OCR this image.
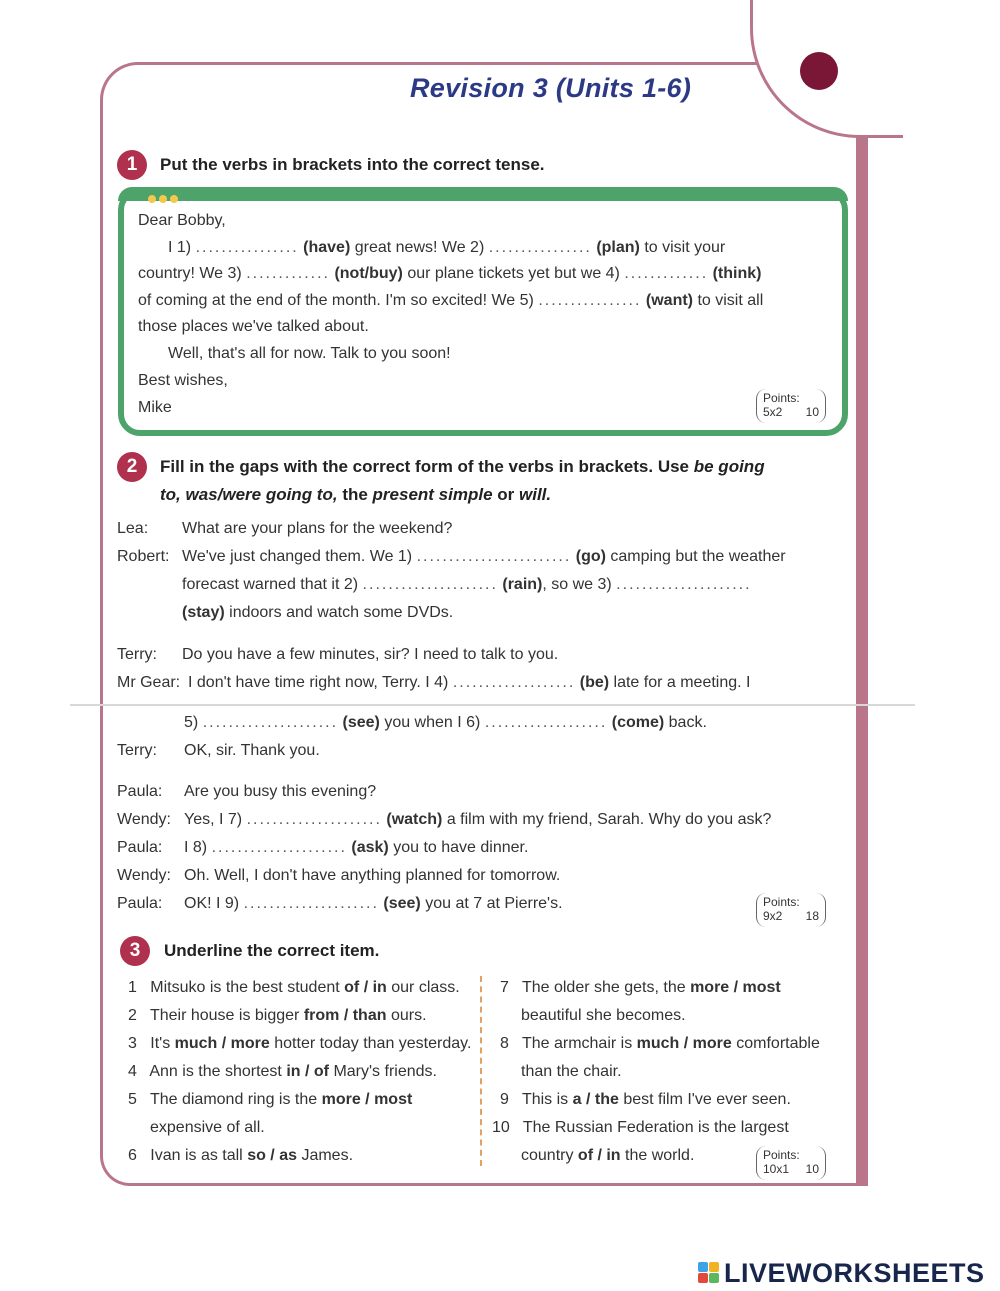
Revision 3 (Units 1-6)
1	Put the verbs in brackets into the correct tense.
Dear Bobby,
I 1) ................ (have) great news! We 2) ................ (plan) to visit your
country! We 3) ............. (not/buy) our plane tickets yet but we 4) ............. (think)
of coming at the end of the month. I'm so excited! We 5) ................ (want) to visit all
those places we've talked about.
Well, that's all for now. Talk to you soon!
Best wishes,
Mike
Points:
5x2 10
2	Fill in the gaps with the correct form of the verbs in brackets. Use be going
to, was/were going to, the present simple or will.
Lea: What are your plans for the weekend?
Robert: We've just changed them. We 1) ........................ (go) camping but the weather
forecast warned that it 2) ..................... (rain), so we 3) .....................
(stay) indoors and watch some DVDs.
Terry: Do you have a few minutes, sir? I need to talk to you.
Mr Gear: I don't have time right now, Terry. I 4) ................... (be) late for a meeting. I
5) ..................... (see) you when I 6) ................... (come) back.
Terry: OK, sir. Thank you.
Paula: Are you busy this evening?
Wendy: Yes, I 7) ..................... (watch) a film with my friend, Sarah. Why do you ask?
Paula: I 8) ..................... (ask) you to have dinner.
Wendy: Oh. Well, I don't have anything planned for tomorrow.
Paula: OK! I 9) ..................... (see) you at 7 at Pierre's.	Points:
9x2 18
3	Underline the correct item.
1 Mitsuko is the best student of / in our class.
2 Their house is bigger from / than ours.
3 It's much / more hotter today than yesterday.
4 Ann is the shortest in / of Mary's friends.
5 The diamond ring is the more / most
expensive of all.
6 Ivan is as tall so / as James.
7 The older she gets, the more / most
beautiful she becomes.
8 The armchair is much / more comfortable
than the chair.
9 This is a / the best film I've ever seen.
10 The Russian Federation is the largest
country of / in the world.	Points:
10x1 10
LIVEWORKSHEETS
